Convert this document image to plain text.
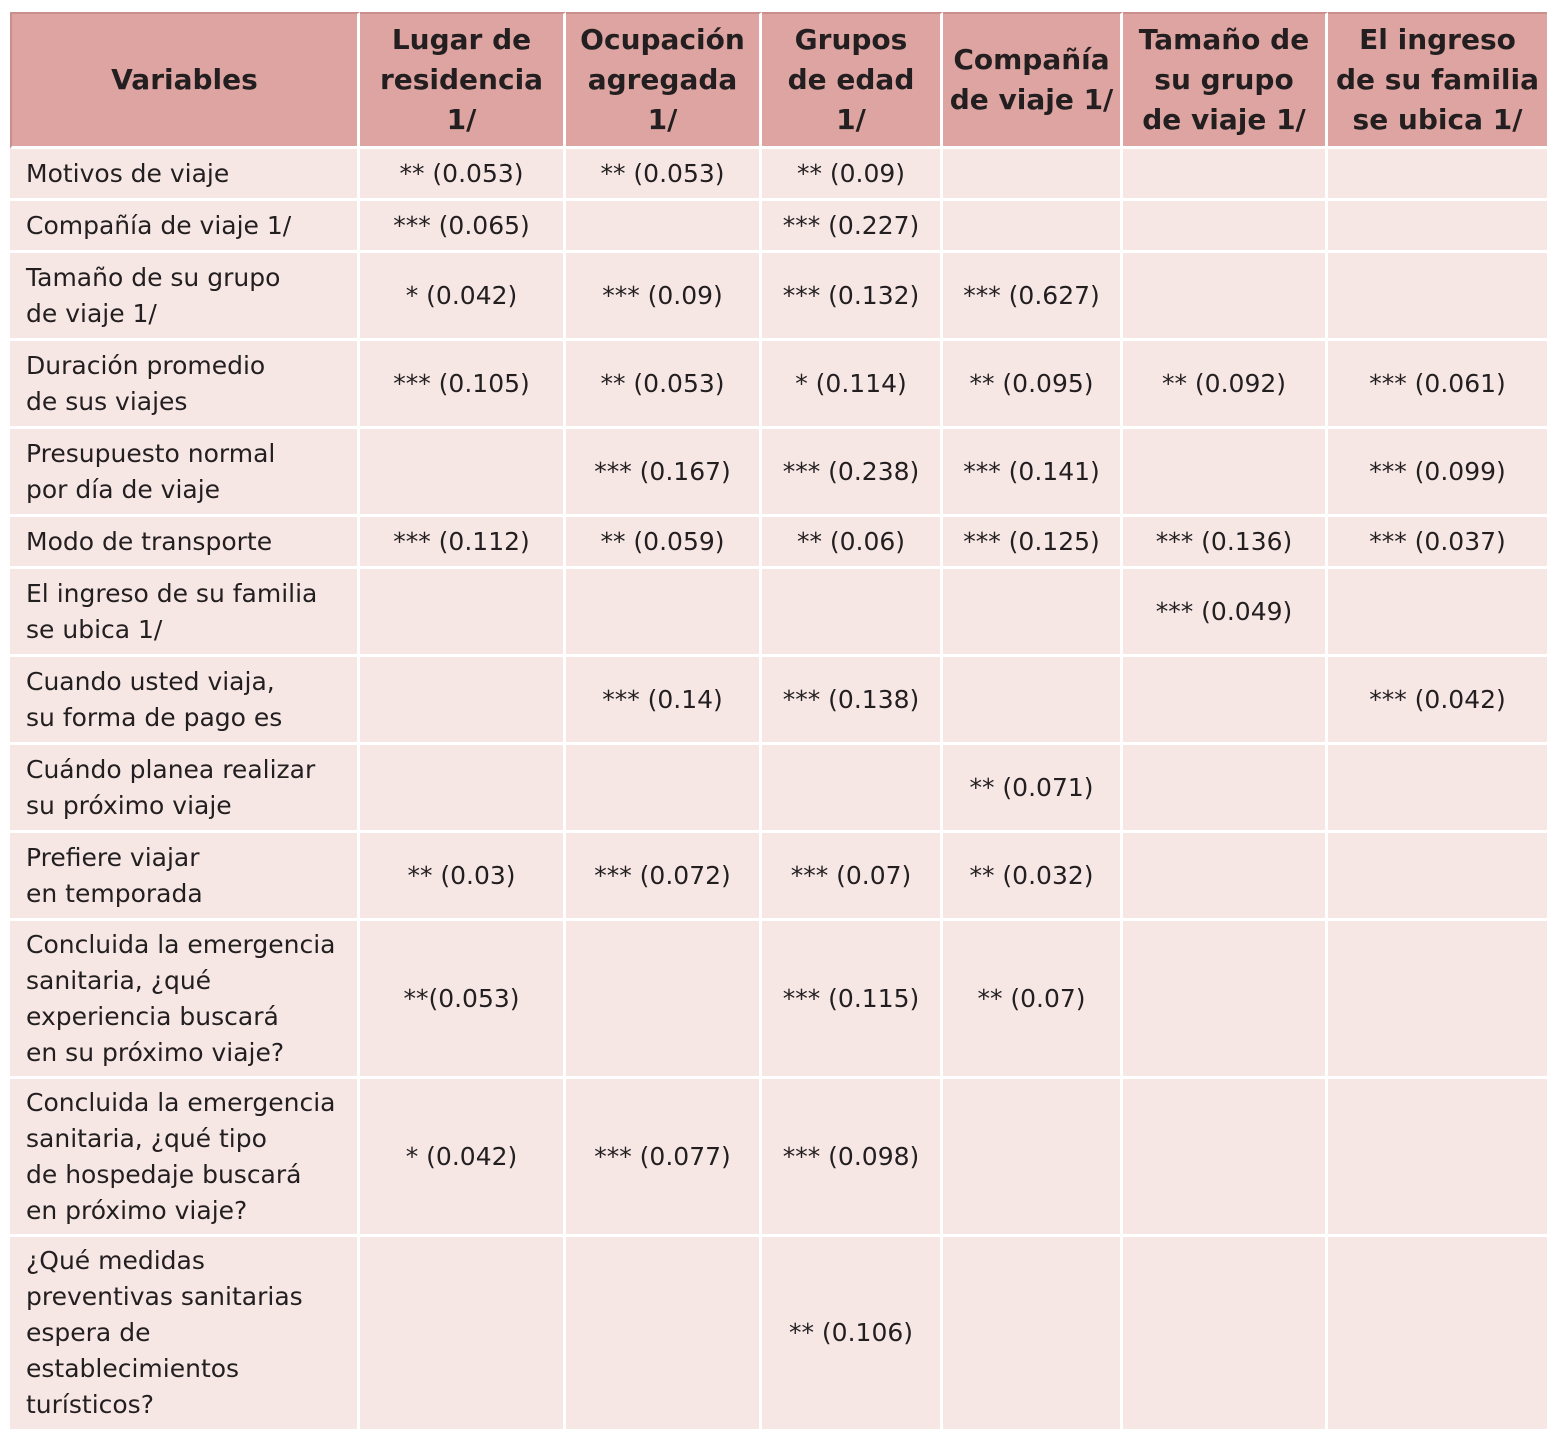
Variables	Lugar de
residencia
1/	Ocupación
agregada
1/	Grupos
de edad
1/	Compañía
de viaje 1/	Tamaño de
su grupo
de viaje 1/	El ingreso
de su familia
se ubica 1/
Motivos de viaje	** (0.053)	** (0.053)	** (0.09)			
Compañía de viaje 1/	*** (0.065)		*** (0.227)			
Tamaño de su grupo
de viaje 1/	* (0.042)	*** (0.09)	*** (0.132)	*** (0.627)		
Duración promedio
de sus viajes	*** (0.105)	** (0.053)	* (0.114)	** (0.095)	** (0.092)	*** (0.061)
Presupuesto normal
por día de viaje		*** (0.167)	*** (0.238)	*** (0.141)		*** (0.099)
Modo de transporte	*** (0.112)	** (0.059)	** (0.06)	*** (0.125)	*** (0.136)	*** (0.037)
El ingreso de su familia
se ubica 1/					*** (0.049)	
Cuando usted viaja,
su forma de pago es		*** (0.14)	*** (0.138)			*** (0.042)
Cuándo planea realizar
su próximo viaje				** (0.071)		
Prefiere viajar
en temporada	** (0.03)	*** (0.072)	*** (0.07)	** (0.032)		
Concluida la emergencia
sanitaria, ¿qué
experiencia buscará
en su próximo viaje?	**(0.053)		*** (0.115)	** (0.07)		
Concluida la emergencia
sanitaria, ¿qué tipo
de hospedaje buscará
en próximo viaje?	* (0.042)	*** (0.077)	*** (0.098)			
¿Qué medidas
preventivas sanitarias
espera de
establecimientos
turísticos?			** (0.106)			
